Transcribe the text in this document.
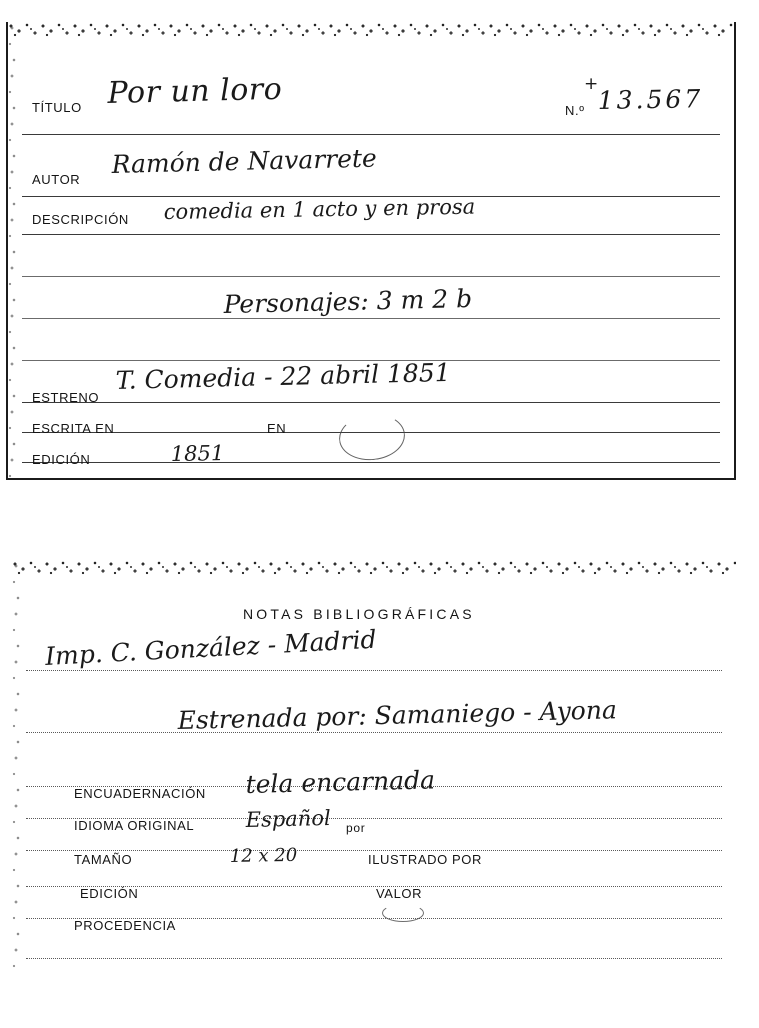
TÍTULO Por un loro	+
N.º 13.567
AUTOR
Ramón de Navarrete
DESCRIPCIÓN comedia en 1 acto y en prosa
Personajes: 3 m 2 b
ESTRENO
T. Comedia - 22 abril 1851
ESCRITA EN	EN
EDICIÓN	1851
NOTAS BIBLIOGRÁFICAS
Imp. C. González - Madrid
Estrenada por: Samaniego - Ayona
ENCUADERNACIÓN tela encarnada
IDIOMA ORIGINAL Español por
TAMAÑO	12 x 20	ILUSTRADO POR
EDICIÓN	VALOR
PROCEDENCIA
